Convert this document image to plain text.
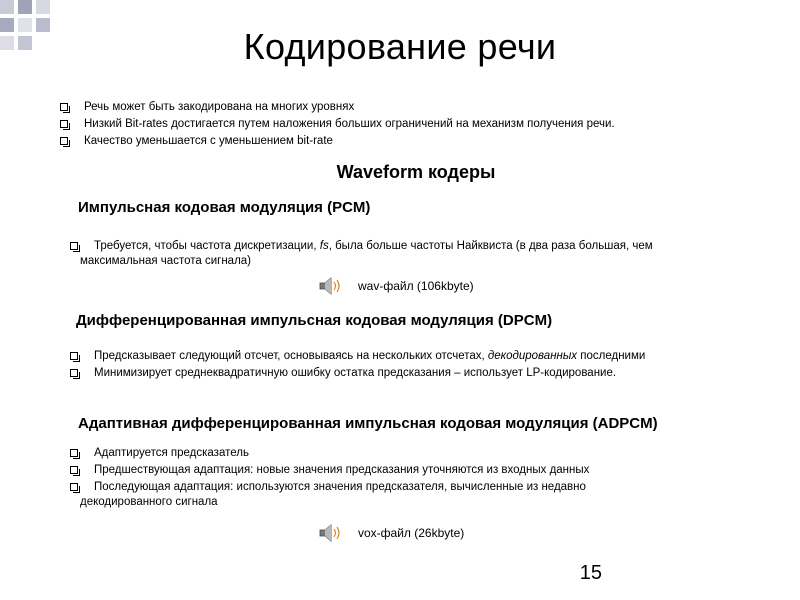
Кодирование речи
Речь может быть закодирована на многих уровнях
Низкий Bit-rates достигается путем наложения больших ограничений на механизм получения речи.
Качество уменьшается с уменьшением bit-rate
Waveform кодеры
Импульсная кодовая модуляция (PCM)
Требуется, чтобы частота дискретизации, fs, была больше частоты Найквиста (в два раза большая, чем
максимальная частота сигнала)
wav-файл (106kbyte)
Дифференцированная импульсная кодовая модуляция (DPCM)
Предсказывает следующий отсчет, основываясь на нескольких отсчетах, декодированных последними
Минимизирует среднеквадратичную ошибку остатка предсказания – использует LP-кодирование.
Адаптивная дифференцированная импульсная кодовая модуляция (ADPCM)
Адаптируется предсказатель
Предшествующая адаптация: новые значения предсказания уточняются из входных данных
Последующая адаптация: используются значения предсказателя, вычисленные из недавно
декодированного сигнала
vox-файл (26kbyte)
15
